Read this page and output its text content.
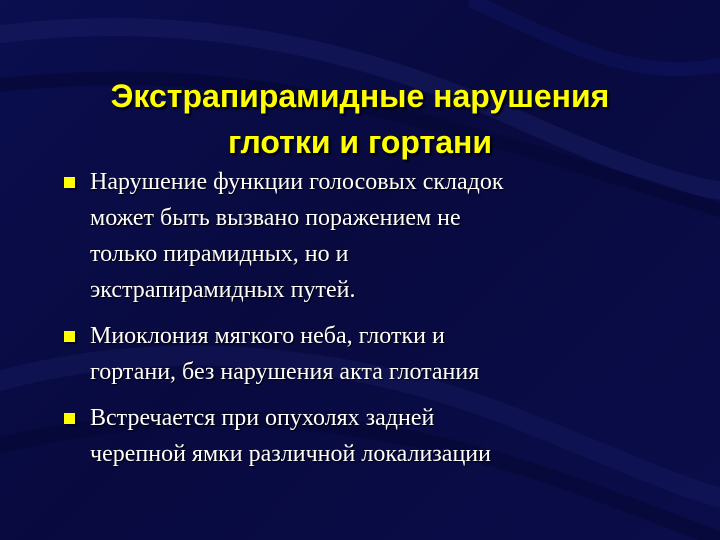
Экстрапирамидные нарушения
глотки и гортани
Нарушение функции голосовых складок
может быть вызвано поражением не
только пирамидных, но и
экстрапирамидных путей.
Миоклония мягкого неба, глотки и
гортани, без нарушения акта глотания
Встречается при опухолях задней
черепной ямки различной локализации
